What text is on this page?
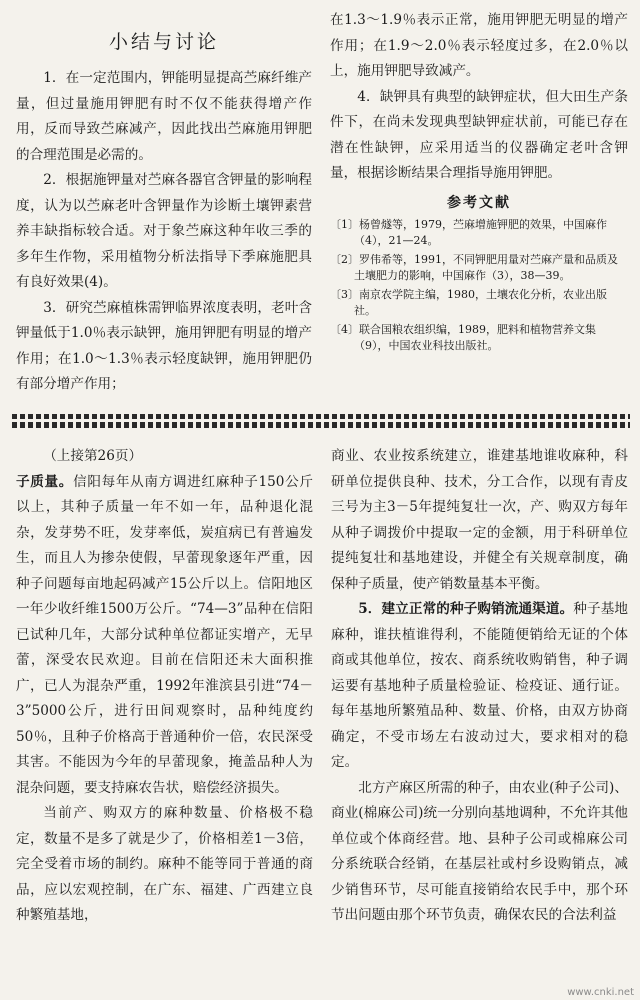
小结与讨论

1．在一定范围内，钾能明显提高苎麻纤维产量，但过量施用钾肥有时不仅不能获得增产作用，反而导致苎麻减产，因此找出苎麻施用钾肥的合理范围是必需的。

2．根据施钾量对苎麻各器官含钾量的影响程度，认为以苎麻老叶含钾量作为诊断土壤钾素营养丰缺指标较合适。对于象苎麻这种年收三季的多年生作物，采用植物分析法指导下季麻施肥具有良好效果(4)。

3．研究苎麻植株需钾临界浓度表明，老叶含钾量低于1.0％表示缺钾，施用钾肥有明显的增产作用；在1.0～1.3％表示轻度缺钾，施用钾肥仍有部分增产作用；

在1.3～1.9％表示正常，施用钾肥无明显的增产作用；在1.9～2.0％表示轻度过多，在2.0％以上，施用钾肥导致减产。

4．缺钾具有典型的缺钾症状，但大田生产条件下，在尚未发现典型缺钾症状前，可能已存在潜在性缺钾，应采用适当的仪器确定老叶含钾量，根据诊断结果合理指导施用钾肥。

参考文献
〔1〕杨曾燧等，1979，苎麻增施钾肥的效果，中国麻作（4），21—24。
〔2〕罗伟希等，1991，不同钾肥用量对苎麻产量和品质及土壤肥力的影响，中国麻作（3），38—39。
〔3〕南京农学院主编，1980，土壤农化分析，农业出版社。
〔4〕联合国粮农组织编，1989，肥料和植物营养文集（9），中国农业科技出版社。

（上接第26页）

子质量。信阳每年从南方调进红麻种子150公斤以上，其种子质量一年不如一年，品种退化混杂，发芽势不旺，发芽率低，炭疽病已有普遍发生，而且人为掺杂使假，早蕾现象逐年严重，因种子问题每亩地起码减产15公斤以上。信阳地区一年少收纤维1500万公斤。“74—3”品种在信阳已试种几年，大部分试种单位都证实增产，无早蕾，深受农民欢迎。目前在信阳还未大面积推广，已人为混杂严重，1992年淮滨县引进“74－3”5000公斤，进行田间观察时，品种纯度约50％，且种子价格高于普通种价一倍，农民深受其害。不能因为今年的早蕾现象，掩盖品种人为混杂问题，要支持麻农告状，赔偿经济损失。

当前产、购双方的麻种数量、价格极不稳定，数量不是多了就是少了，价格相差1－3倍，完全受着市场的制约。麻种不能等同于普通的商品，应以宏观控制，在广东、福建、广西建立良种繁殖基地，

商业、农业按系统建立，谁建基地谁收麻种，科研单位提供良种、技术，分工合作，以现有青皮三号为主3－5年提纯复壮一次，产、购双方每年从种子调拨价中提取一定的金额，用于科研单位提纯复壮和基地建设，并健全有关规章制度，确保种子质量，使产销数量基本平衡。

5．建立正常的种子购销流通渠道。种子基地麻种，谁扶植谁得利，不能随便销给无证的个体商或其他单位，按农、商系统收购销售，种子调运要有基地种子质量检验证、检疫证、通行证。每年基地所繁殖品种、数量、价格，由双方协商确定，不受市场左右波动过大，要求相对的稳定。

北方产麻区所需的种子，由农业(种子公司)、商业(棉麻公司)统一分别向基地调种，不允许其他单位或个体商经营。地、县种子公司或棉麻公司分系统联合经销，在基层社或村乡设购销点，减少销售环节，尽可能直接销给农民手中，那个环节出问题由那个环节负责，确保农民的合法利益

www.cnki.net
